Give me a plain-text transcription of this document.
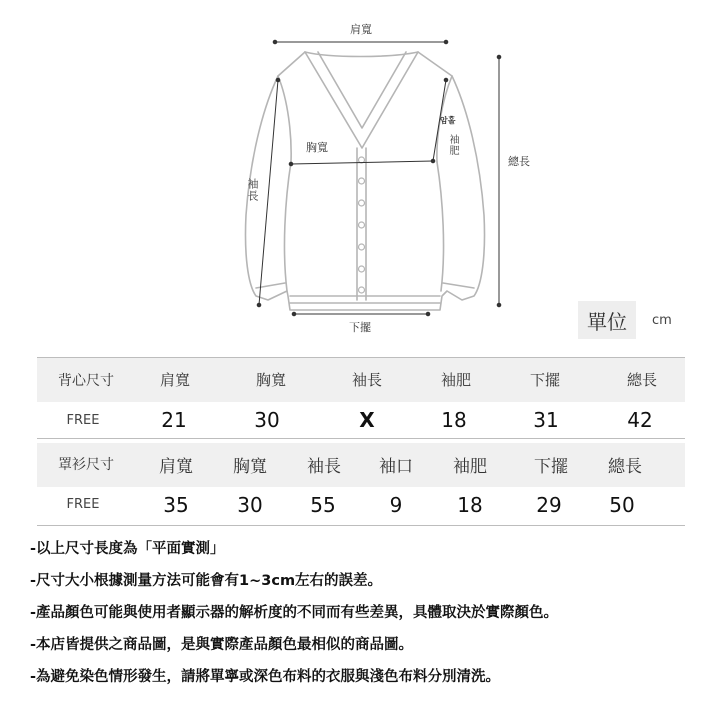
肩寬
胸寬
袖長
암홀
袖肥
下擺
總長
單位	cm
背心尺寸	肩寬	胸寬	袖長	袖肥	下擺	總長
FREE	21	30	X	18	31	42
罩衫尺寸	肩寬 胸寬 袖長 袖口 袖肥	下擺 總長
FREE	35 30 55	9	18	29 50
-以上尺寸長度為「平面實測」
-尺寸大小根據測量方法可能會有1~3cm左右的誤差。
-產品顏色可能與使用者顯示器的解析度的不同而有些差異，具體取決於實際顏色。
-本店皆提供之商品圖，是與實際產品顏色最相似的商品圖。
-為避免染色情形發生，請將單寧或深色布料的衣服與淺色布料分別清洗。
